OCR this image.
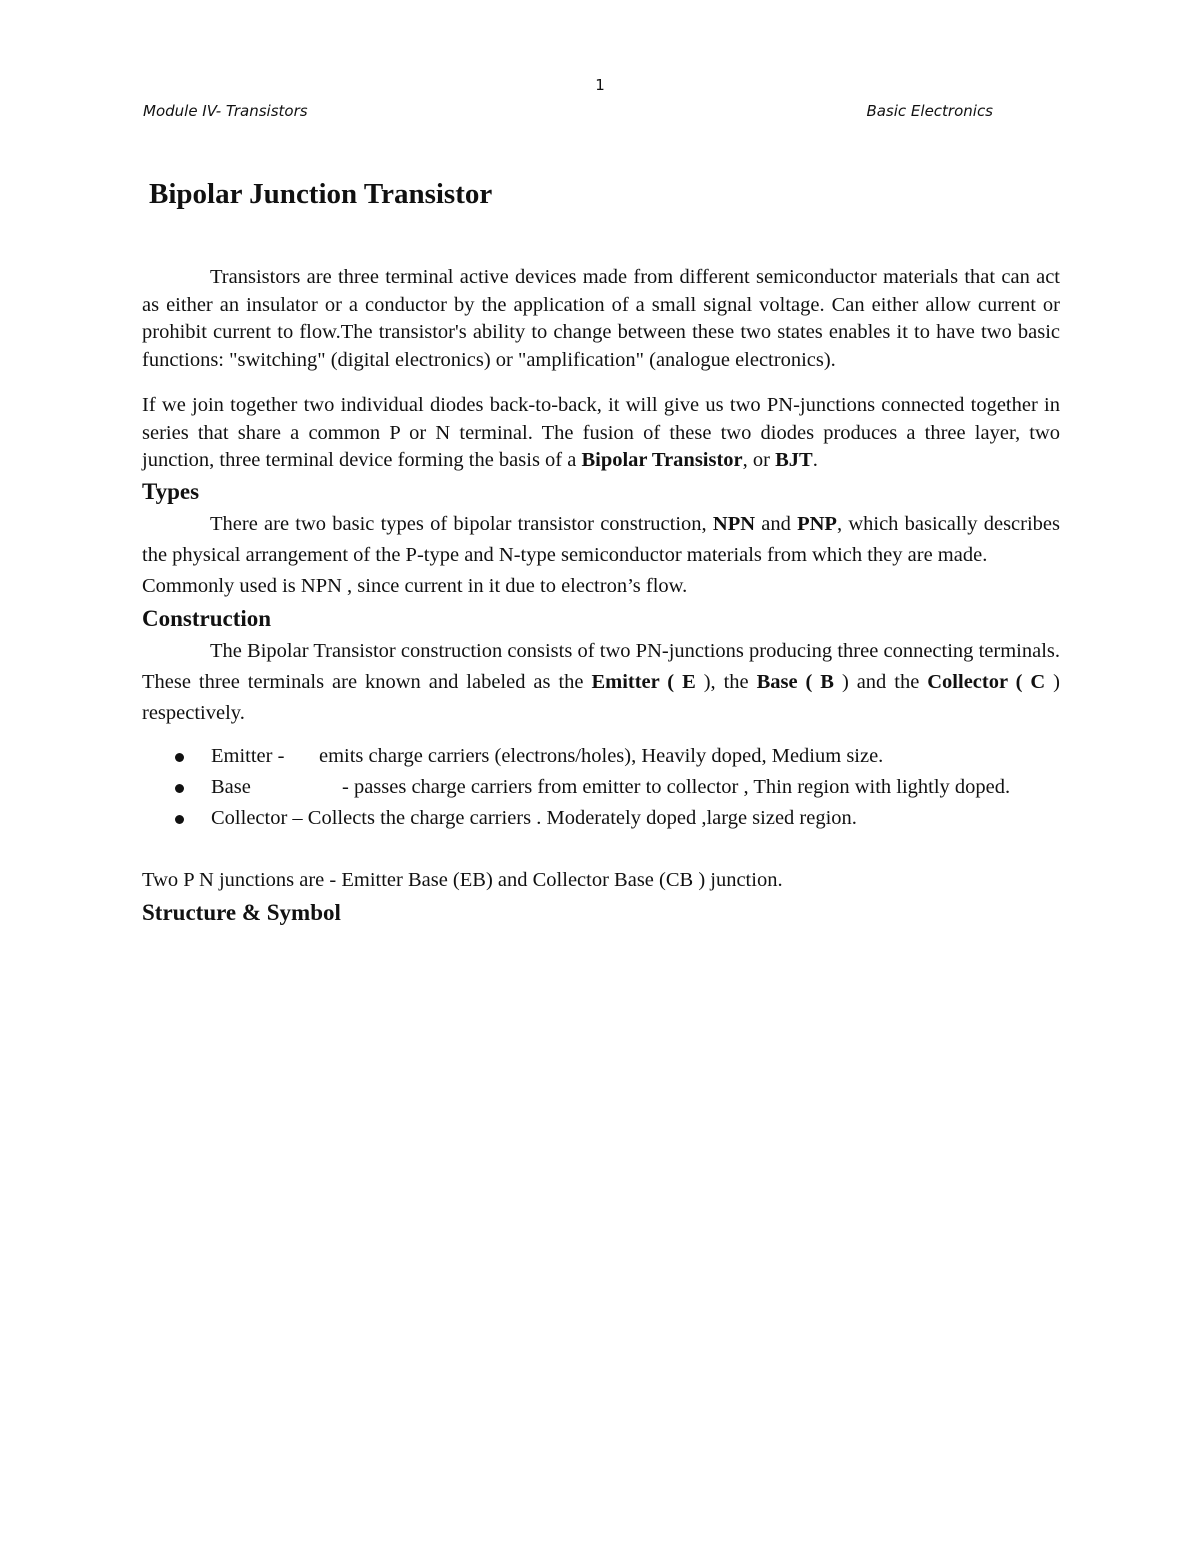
1
Module IV- Transistors	Basic Electronics
Bipolar Junction Transistor

Transistors are three terminal active devices made from different semiconductor materials that can act as either an insulator or a conductor by the application of a small signal voltage. Can either allow current or prohibit current to flow.The transistor's ability to change between these two states enables it to have two basic functions: "switching" (digital electronics) or "amplification" (analogue electronics).

If we join together two individual diodes back-to-back, it will give us two PN-junctions connected together in series that share a common P or N terminal. The fusion of these two diodes produces a three layer, two junction, three terminal device forming the basis of a Bipolar Transistor, or BJT.

Types

There are two basic types of bipolar transistor construction, NPN and PNP, which basically describes the physical arrangement of the P-type and N-type semiconductor materials from which they are made.

Commonly used is NPN , since current in it due to electron’s flow.

Construction

The Bipolar Transistor construction consists of two PN-junctions producing three connecting terminals. These three terminals are known and labeled as the Emitter ( E ), the Base ( B ) and the Collector ( C ) respectively.

Emitter - emits charge carriers (electrons/holes), Heavily doped, Medium size.
Base	- passes charge carriers from emitter to collector , Thin region with lightly doped.
Collector – Collects the charge carriers . Moderately doped ,large sized region.

Two P N junctions are - Emitter Base (EB) and Collector Base (CB ) junction.

Structure & Symbol
